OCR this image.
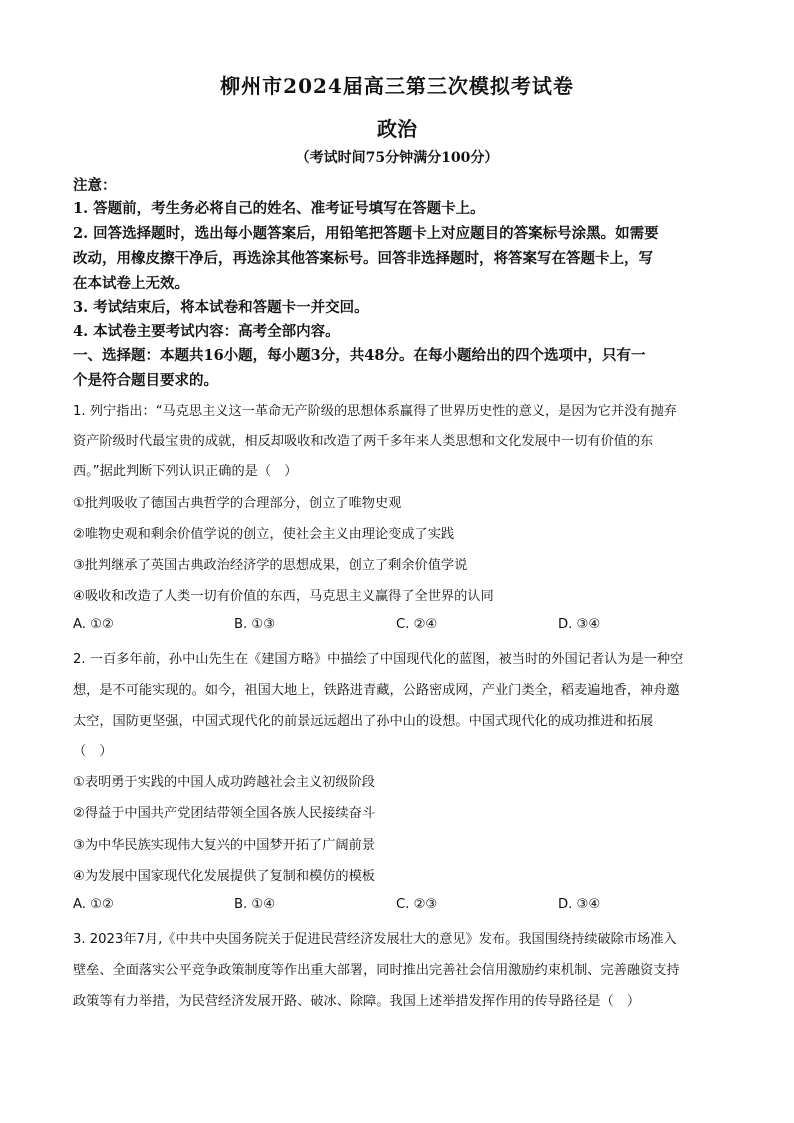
柳州市2024届高三第三次模拟考试卷
政治
（考试时间75分钟满分100分）
注意：
1. 答题前，考生务必将自己的姓名、准考证号填写在答题卡上。
2. 回答选择题时，选出每小题答案后，用铅笔把答题卡上对应题目的答案标号涂黑。如需要
改动，用橡皮擦干净后，再选涂其他答案标号。回答非选择题时，将答案写在答题卡上，写
在本试卷上无效。
3. 考试结束后，将本试卷和答题卡一并交回。
4. 本试卷主要考试内容：高考全部内容。
一、选择题：本题共16小题，每小题3分，共48分。在每小题给出的四个选项中，只有一
个是符合题目要求的。
1. 列宁指出：“马克思主义这一革命无产阶级的思想体系赢得了世界历史性的意义，是因为它并没有抛弃
资产阶级时代最宝贵的成就，相反却吸收和改造了两千多年来人类思想和文化发展中一切有价值的东
西。”据此判断下列认识正确的是（　）
①批判吸收了德国古典哲学的合理部分，创立了唯物史观
②唯物史观和剩余价值学说的创立，使社会主义由理论变成了实践
③批判继承了英国古典政治经济学的思想成果，创立了剩余价值学说
④吸收和改造了人类一切有价值的东西，马克思主义赢得了全世界的认同
A. ①②	B. ①③	C. ②④	D. ③④
2. 一百多年前，孙中山先生在《建国方略》中描绘了中国现代化的蓝图，被当时的外国记者认为是一种空
想，是不可能实现的。如今，祖国大地上，铁路进青藏，公路密成网，产业门类全，稻麦遍地香，神舟邀
太空，国防更坚强，中国式现代化的前景远远超出了孙中山的设想。中国式现代化的成功推进和拓展
（　）
①表明勇于实践的中国人成功跨越社会主义初级阶段
②得益于中国共产党团结带领全国各族人民接续奋斗
③为中华民族实现伟大复兴的中国梦开拓了广阔前景
④为发展中国家现代化发展提供了复制和模仿的模板
A. ①②	B. ①④	C. ②③	D. ③④
3. 2023年7月,《中共中央国务院关于促进民营经济发展壮大的意见》发布。我国围绕持续破除市场准入
壁垒、全面落实公平竞争政策制度等作出重大部署，同时推出完善社会信用激励约束机制、完善融资支持
政策等有力举措，为民营经济发展开路、破冰、除障。我国上述举措发挥作用的传导路径是（　）
